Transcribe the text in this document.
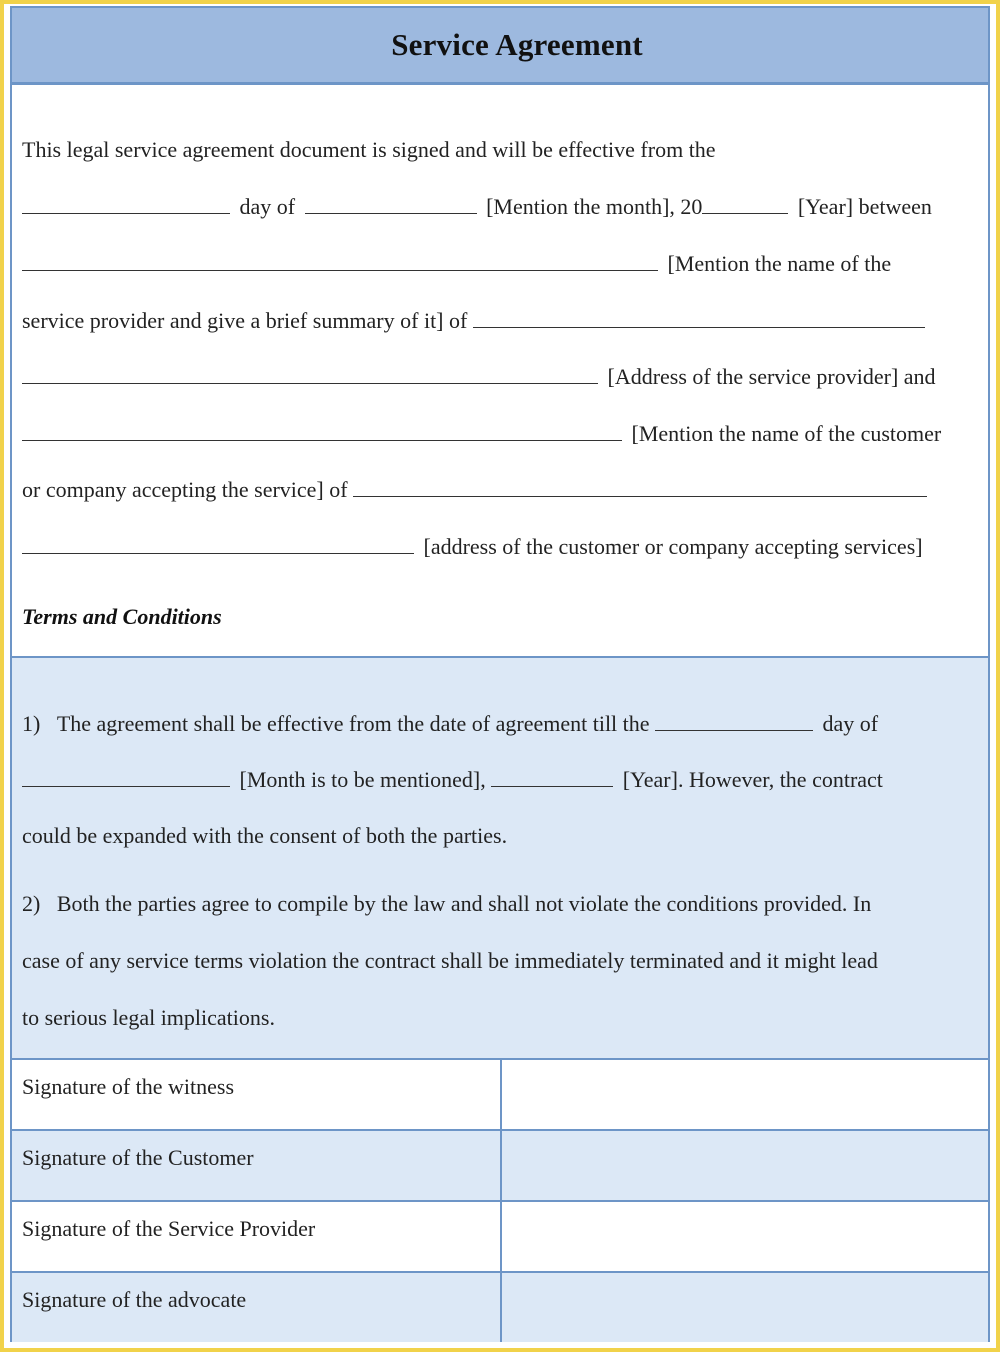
Service Agreement
This legal service agreement document is signed and will be effective from the
day of	[Mention the month], 20	[Year] between
[Mention the name of the
service provider and give a brief summary of it] of
[Address of the service provider] and
[Mention the name of the customer
or company accepting the service] of
[address of the customer or company accepting services]
Terms and Conditions
1) The agreement shall be effective from the date of agreement till the	day of
[Month is to be mentioned],	[Year]. However, the contract
could be expanded with the consent of both the parties.
2) Both the parties agree to compile by the law and shall not violate the conditions provided. In
case of any service terms violation the contract shall be immediately terminated and it might lead
to serious legal implications.
Signature of the witness
Signature of the Customer
Signature of the Service Provider
Signature of the advocate
